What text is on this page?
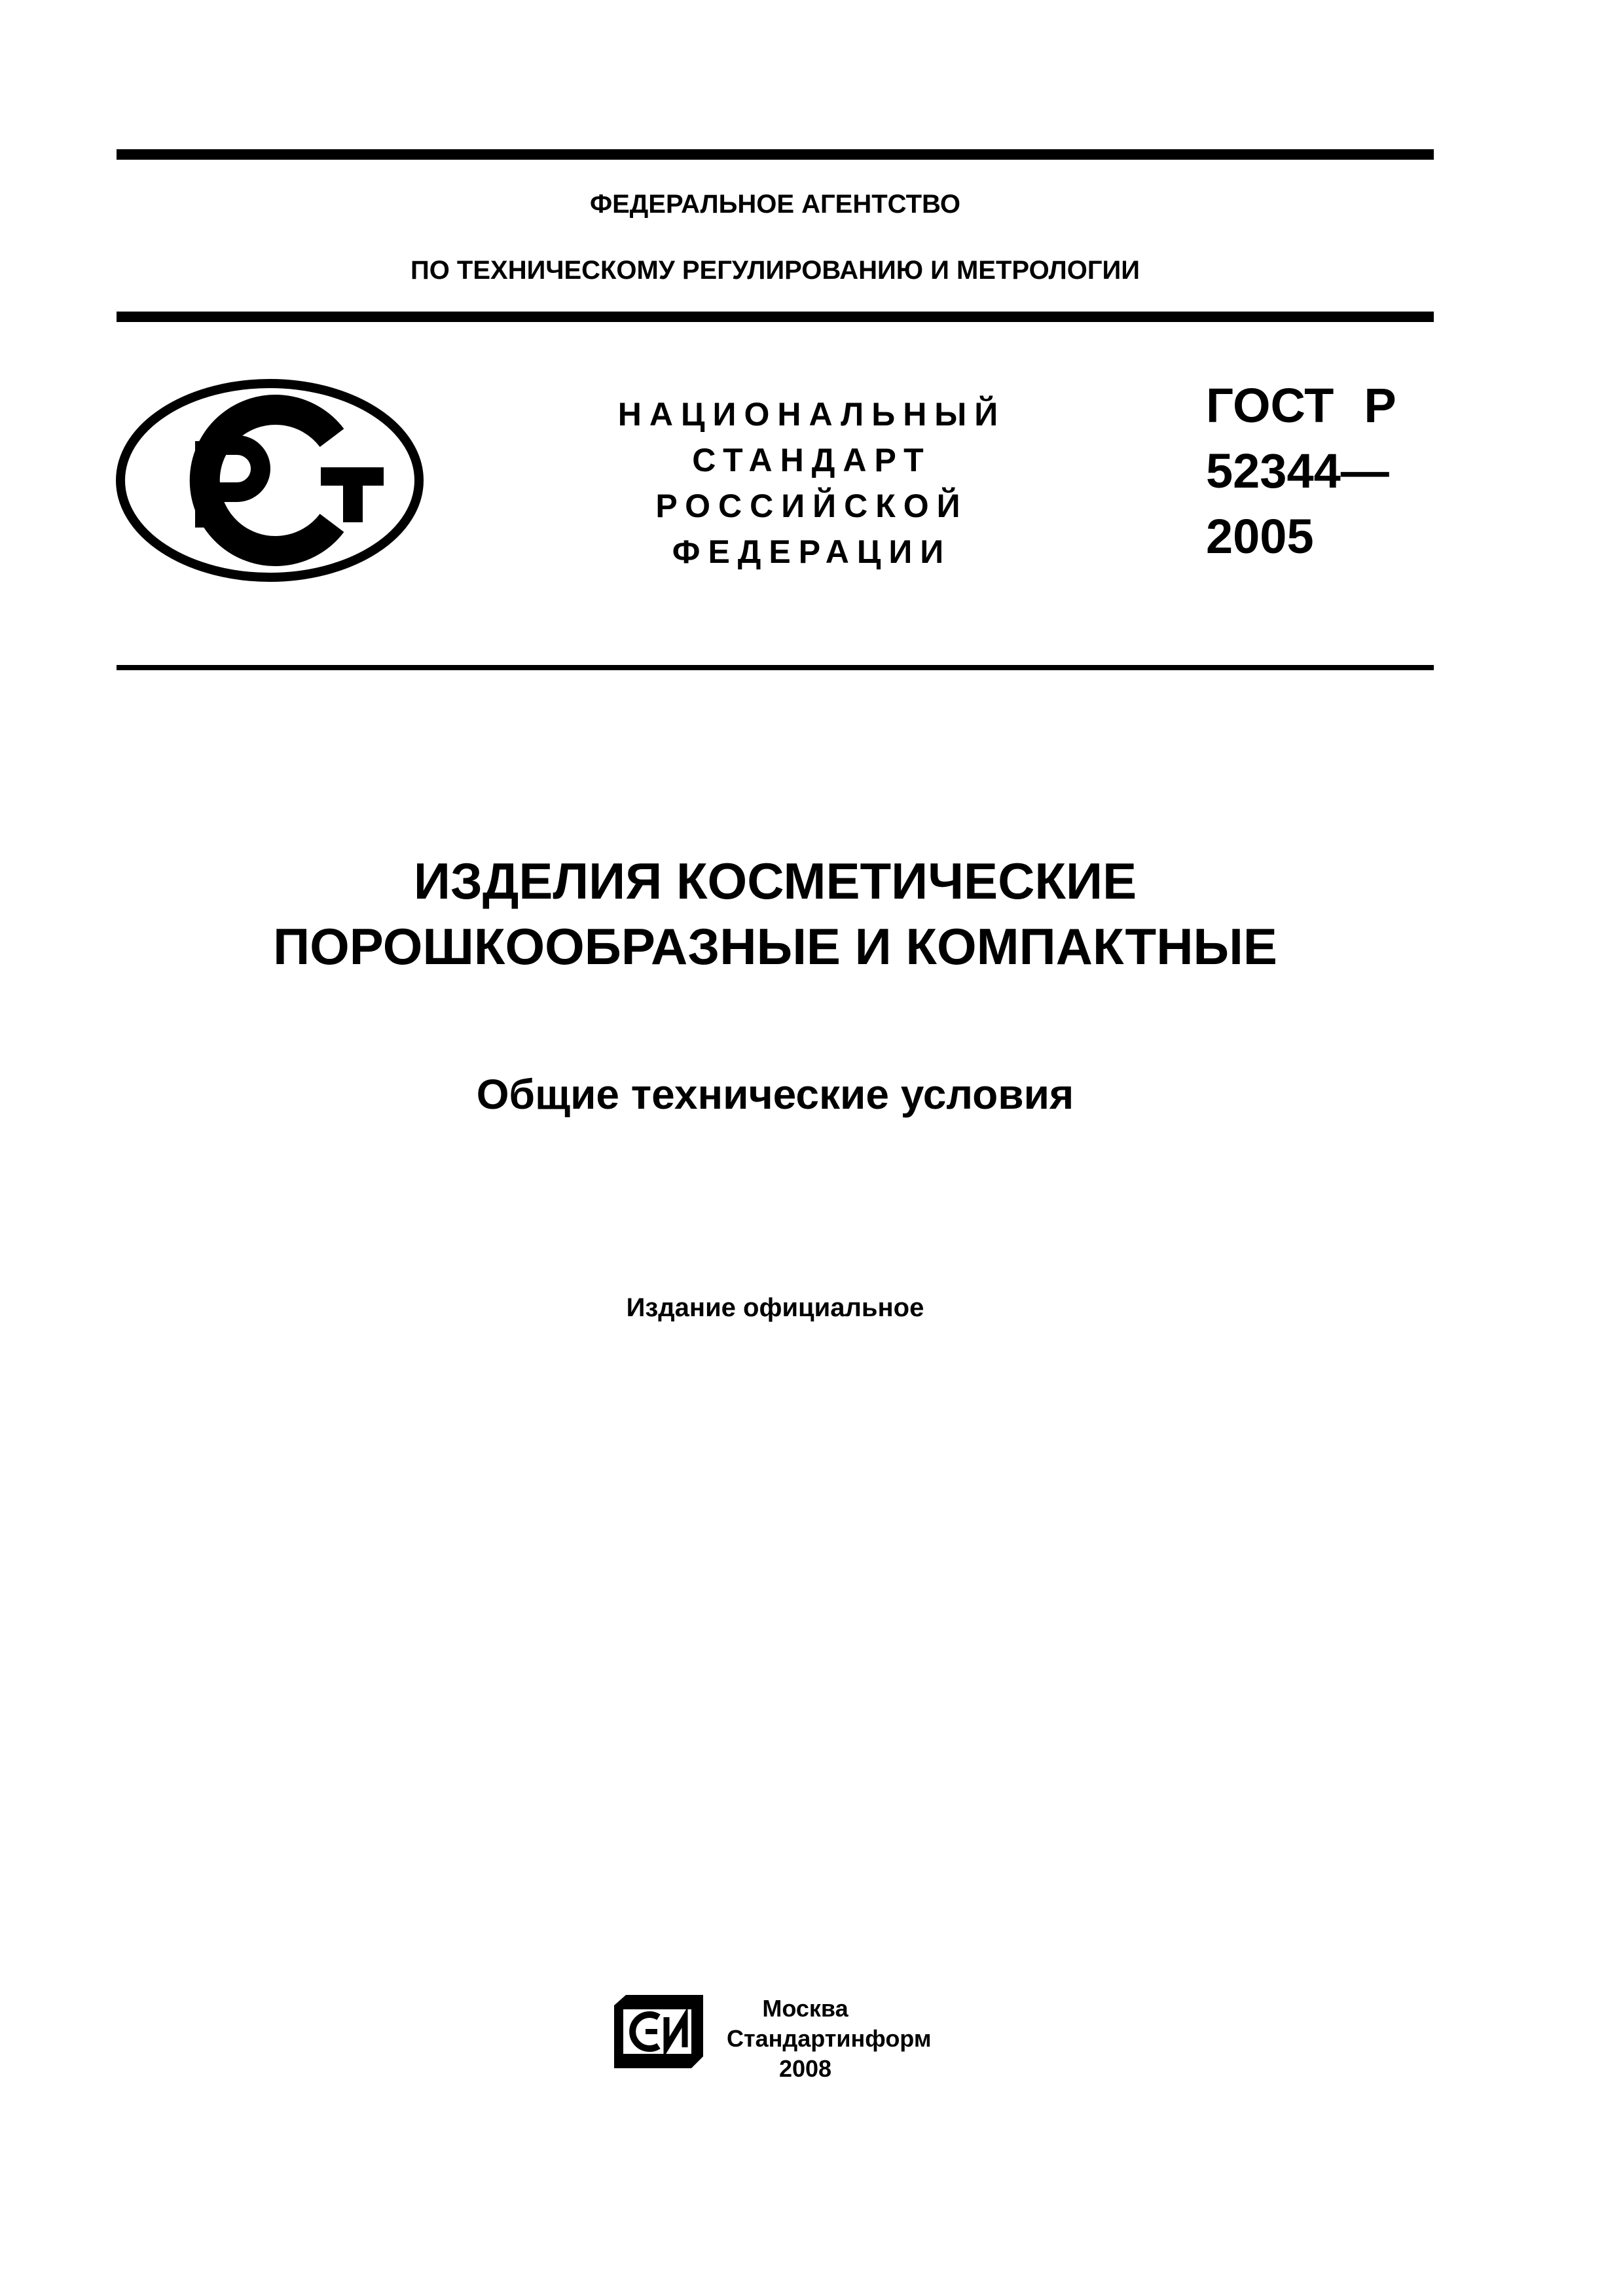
ФЕДЕРАЛЬНОЕ АГЕНТСТВО
ПО ТЕХНИЧЕСКОМУ РЕГУЛИРОВАНИЮ И МЕТРОЛОГИИ
НАЦИОНАЛЬНЫЙ
СТАНДАРТ
РОССИЙСКОЙ
ФЕДЕРАЦИИ
ГОСТ Р
52344—
2005
ИЗДЕЛИЯ КОСМЕТИЧЕСКИЕ
ПОРОШКООБРАЗНЫЕ И КОМПАКТНЫЕ
Общие технические условия
Издание официальное
Москва
Стандартинформ
2008
